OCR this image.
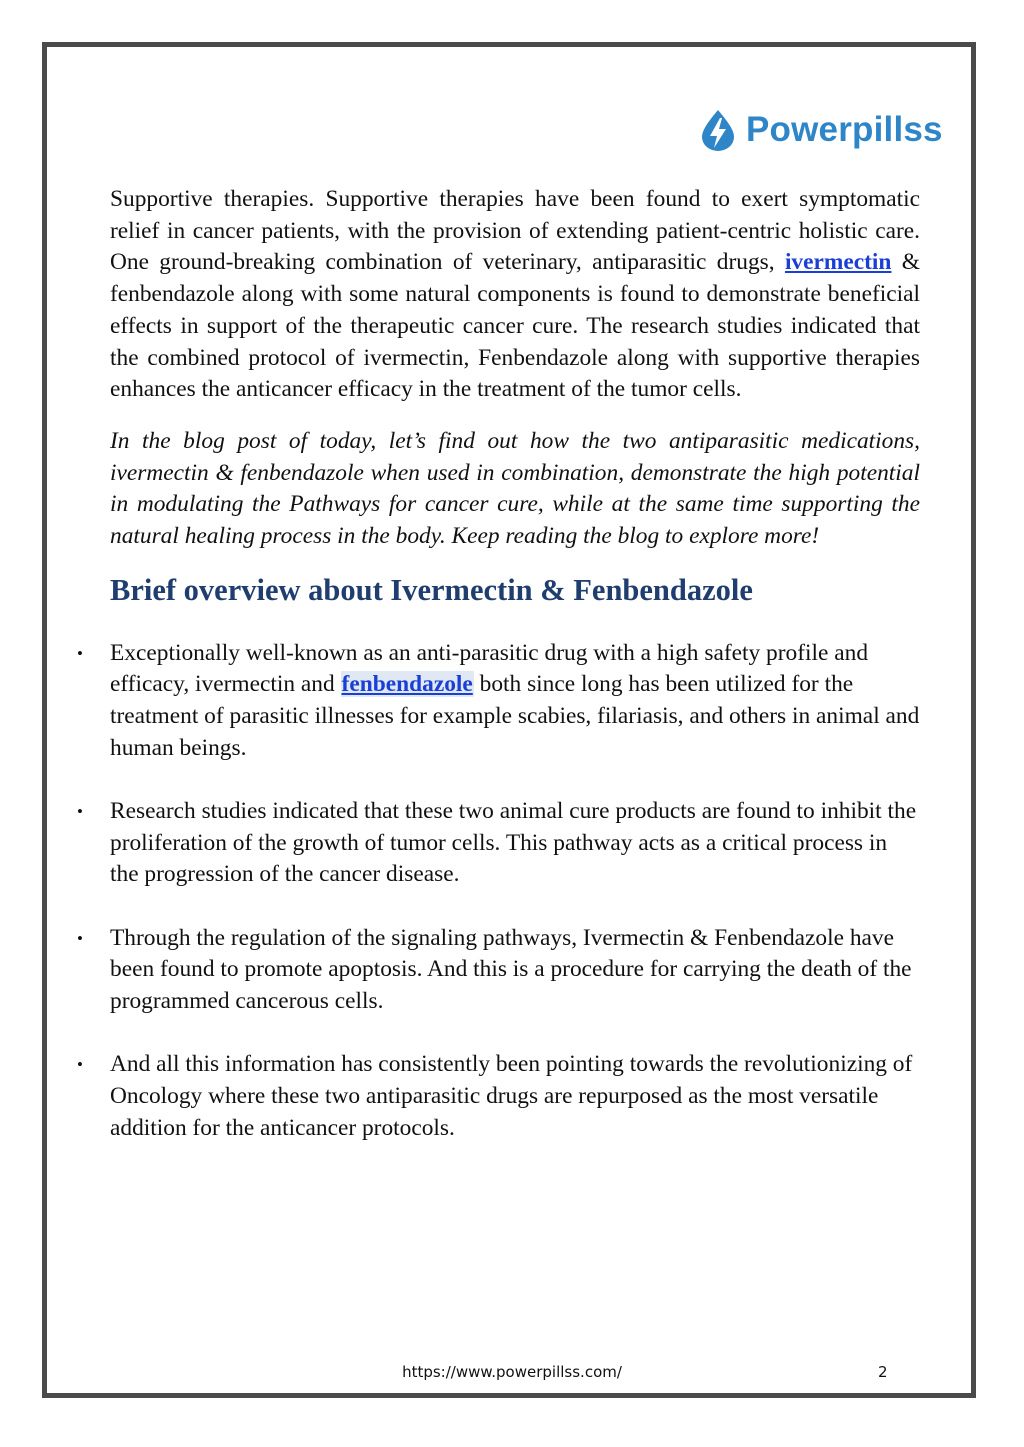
Powerpillss

Supportive therapies. Supportive therapies have been found to exert symptomatic relief in cancer patients, with the provision of extending patient-centric holistic care. One ground-breaking combination of veterinary, antiparasitic drugs, ivermectin & fenbendazole along with some natural components is found to demonstrate beneficial effects in support of the therapeutic cancer cure. The research studies indicated that the combined protocol of ivermectin, Fenbendazole along with supportive therapies enhances the anticancer efficacy in the treatment of the tumor cells.

In the blog post of today, let’s find out how the two antiparasitic medications, ivermectin & fenbendazole when used in combination, demonstrate the high potential in modulating the Pathways for cancer cure, while at the same time supporting the natural healing process in the body. Keep reading the blog to explore more!

Brief overview about Ivermectin & Fenbendazole
• Exceptionally well-known as an anti-parasitic drug with a high safety profile and efficacy, ivermectin and fenbendazole both since long has been utilized for the treatment of parasitic illnesses for example scabies, filariasis, and others in animal and human beings.
• Research studies indicated that these two animal cure products are found to inhibit the proliferation of the growth of tumor cells. This pathway acts as a critical process in the progression of the cancer disease.
• Through the regulation of the signaling pathways, Ivermectin & Fenbendazole have been found to promote apoptosis. And this is a procedure for carrying the death of the programmed cancerous cells.
• And all this information has consistently been pointing towards the revolutionizing of Oncology where these two antiparasitic drugs are repurposed as the most versatile addition for the anticancer protocols.
https://www.powerpillss.com/	2
